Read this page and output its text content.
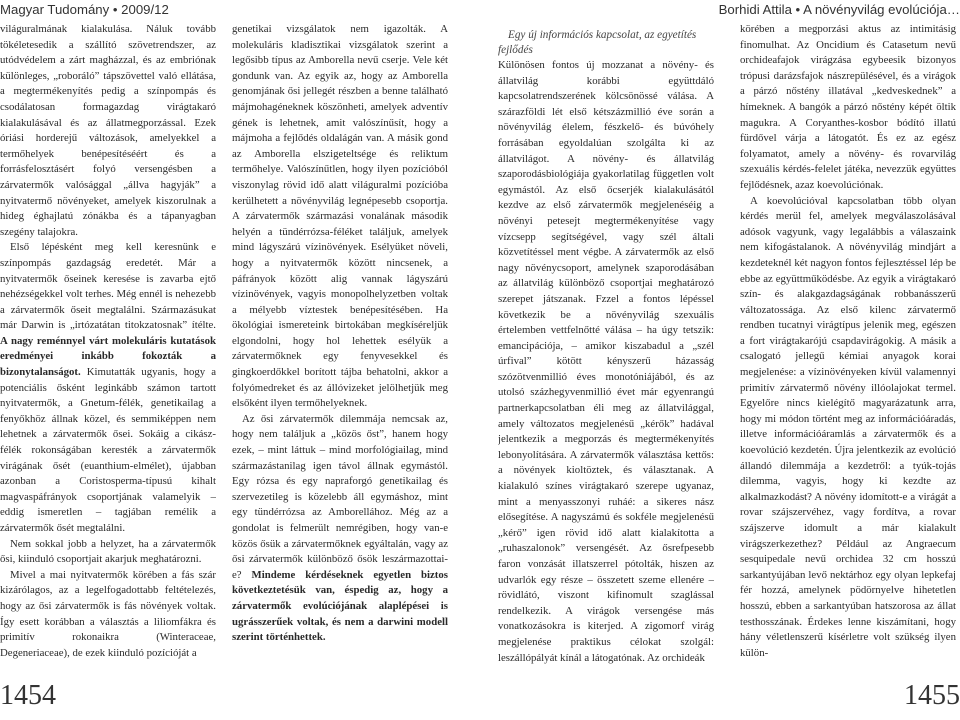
Magyar Tudomány • 2009/12	Borhidi Attila • A növényvilág evolúciója…

világuralmának kialakulása. Náluk tovább tökéletesedik a szállító szövetrendszer, az utódvédelem a zárt magházzal, és az embriónak különleges, „roboráló” tápszövettel való ellátása, a megtermékenyítés pedig a színpompás és csodálatosan formagazdag virágtakaró kialakulásával és az állatmegporzással. Ezek óriási horderejű változások, amelyekkel a termőhelyek benépesítéséért és a forrásfelosztásért folyó versengésben a zárvatermők valósággal „állva hagyják” a nyitvatermő növényeket, amelyek kiszorulnak a hideg éghajlatú zónákba és a tápanyagban szegény talajokra.

Első lépésként meg kell keresnünk e színpompás gazdagság eredetét. Már a nyitvatermők őseinek keresése is zavarba ejtő nehézségekkel volt terhes. Még ennél is nehezebb a zárvatermők őseit megtalálni. Származásukat már Darwin is „irtózatátan titokzatosnak” ítélte. A nagy reménnyel várt molekuláris kutatások eredményei inkább fokozták a bizonytalanságot. Kimutatták ugyanis, hogy a potenciális ősként leginkább számon tartott nyitvatermők, a Gnetum-félék, genetikailag a fenyőkhöz állnak közel, és semmiképpen nem lehetnek a zárvatermők ősei. Sokáig a cikász-félék rokonságában keresték a zárvatermők virágának ősét (euanthium-elmélet), újabban azonban a Coristosperma-típusú kihalt magvaspáfrányok csoportjának valamelyik – eddig ismeretlen – tagjában remélik a zárvatermők ősét megtalálni.

Nem sokkal jobb a helyzet, ha a zárvatermők ősi, kiinduló csoportjait akarjuk meghatározni.

Mivel a mai nyitvatermők körében a fás szár kizárólagos, az a legelfogadottabb feltételezés, hogy az ősi zárvatermők is fás növények voltak. Így esett korábban a választás a liliomfákra és primitív rokonaikra (Winteraceae, Degeneriaceae), de ezek kiinduló pozícióját a

genetikai vizsgálatok nem igazolták. A molekuláris kladisztikai vizsgálatok szerint a legősibb típus az Amborella nevű cserje. Vele két gondunk van. Az egyik az, hogy az Amborella genomjának ősi jellegét részben a benne található májmohagéneknek köszönheti, amelyek adventív gének is lehetnek, amit valószínűsít, hogy a májmoha a fejlődés oldalágán van. A másik gond az Amborella elszigeteltsége és reliktum termőhelye. Valószínűtlen, hogy ilyen pozícióból viszonylag rövid idő alatt világuralmi pozícióba kerülhetett a növényvilág legnépesebb csoportja. A zárvatermők származási vonalának második helyén a tündérrózsa-féléket találjuk, amelyek mind lágyszárú vízinövények. Esélyüket növeli, hogy a nyitvatermők között nincsenek, a páfrányok között alig vannak lágyszárú vízinövények, vagyis monopolhelyzetben voltak a mélyebb víztestek benépesítésében. Ha ökológiai ismereteink birtokában megkíséreljük elgondolni, hogy hol lehettek esélyük a zárvatermőknek egy fenyvesekkel és gingkoerdőkkel borított tájba behatolni, akkor a folyómedreket és az állóvizeket jelölhetjük meg elsőként ilyen termőhelyeknek.

Az ősi zárvatermők dilemmája nemcsak az, hogy nem találjuk a „közös őst”, hanem hogy ezek, – mint láttuk – mind morfológiailag, mind származástanilag igen távol állnak egymástól. Egy rózsa és egy napraforgó genetikailag és szervezetileg is közelebb áll egymáshoz, mint egy tündérrózsa az Amborellához. Még az a gondolat is felmerült nemrégiben, hogy van-e közös ősük a zárvatermőknek egyáltalán, vagy az ősi zárvatermők különböző ősök leszármazottai-e? Mindeme kérdéseknek egyetlen biztos következtetésük van, éspedig az, hogy a zárvatermők evolúciójának alaplépései is ugrásszerűek voltak, és nem a darwini modell szerint történhettek.

Egy új információs kapcsolat, az egyetítés fejlődés

Különösen fontos új mozzanat a növény- és állatvilág korábbi együttdáló kapcsolatrendszerének kölcsönössé válása. A szárazföldi lét első kétszázmillió éve során a növényvilág élelem, fészkelő- és búvóhely forrásában egyoldalúan szolgálta ki az állatvilágot. A növény- és állatvilág szaporodásbiológiája gyakorlatilag független volt egymástól. Az első őcserjék kialakulásától kezdve az első zárvatermők megjelenéséig a növényi petesejt megtermékenyítése vagy vízcsepp segítségével, vagy szél általi közvetítéssel ment végbe. A zárvatermők az első nagy növénycsoport, amelynek szaporodásában az állatvilág különböző csoportjai meghatározó szerepet játszanak. Fzzel a fontos lépéssel következik be a növényvilág szexuális értelemben vettfelnőtté válása – ha úgy tetszik: emancipációja, – amikor kiszabadul a „szél úrfival” kötött kényszerű házasság szózötvenmillió éves monotóniájából, és az utolsó százhegyvenmillió évet már egyenrangú partnerkapcsolatban éli meg az állatvilággal, amely változatos megjelenésű „kérők” hadával jelentkezik a megporzás és megtermékenyítés lebonyolítására. A zárvatermők választása kettős: a növények kioltöztek, és választanak. A kialakuló színes virágtakaró szerepe ugyanaz, mint a menyasszonyi ruháé: a sikeres nász elősegítése. A nagyszámú és sokféle megjelenésű „kérő” igen rövid idő alatt kialakította a „ruhaszalonok” versengését. Az ősrefpesebb faron vonzását illatszerrel pótolták, hiszen az udvarlók egy része – összetett szeme ellenére – rövidlátó, viszont kifinomult szaglással rendelkezik. A virágok versengése más vonatkozásokra is kiterjed. A zigomorf virág megjelenése praktikus célokat szolgál: leszállópályát kínál a látogatónak. Az orchideák

körében a megporzási aktus az intimitásig finomulhat. Az Oncidium és Catasetum nevű orchideafajok virágzása egybeesik bizonyos trópusi darázsfajok nászrepülésével, és a virágok a párzó nőstény illatával „kedveskednek” a hímeknek. A bangók a párzó nőstény képét öltik magukra. A Coryanthes-kosbor bódító illatú fürdővel várja a látogatót. És ez az egész folyamatot, amely a növény- és rovarvilág szexuális kérdés-felelet játéka, nevezzük együttes fejlődésnek, azaz koevolúciónak.

A koevolúcióval kapcsolatban több olyan kérdés merül fel, amelyek megválaszolásával adósok vagyunk, vagy legalábbis a válaszaink nem kifogástalanok. A növényvilág mindjárt a kezdeteknél két nagyon fontos fejlesztéssel lép be ebbe az együttműködésbe. Az egyik a virágtakaró szín- és alakgazdagságának robbanásszerű változatossága. Az első kilenc zárvatermő rendben tucatnyi virágtípus jelenik meg, egészen a fort virágtakarójú csapdavirágokig. A másik a csalogató jellegű kémiai anyagok korai megjelenése: a vízinövényeken kívül valamennyi primitív zárvatermő növény illóolajokat termel. Egyelőre nincs kielégítő magyarázatunk arra, hogy mi módon történt meg az információáradás, illetve információáramlás a zárvatermők és a koevolúció kezdetén. Újra jelentkezik az evolúció állandó dilemmája a kezdetről: a tyúk-tojás dilemma, vagyis, hogy ki kezdte az alkalmazkodást? A növény idomított-e a virágát a rovar szájszervéhez, vagy fordítva, a rovar szájszerve idomult a már kialakult virágszerkezethez? Például az Angraecum sesquipedale nevű orchidea 32 cm hosszú sarkantyújában levő nektárhoz egy olyan lepkefaj fér hozzá, amelynek pödörnyelve hihetetlen hosszú, ebben a sarkantyúban hatszorosa az állat testhosszának. Érdekes lenne kiszámítani, hogy hány véletlenszerű kísérletre volt szükség ilyen külön-

1454	1455
